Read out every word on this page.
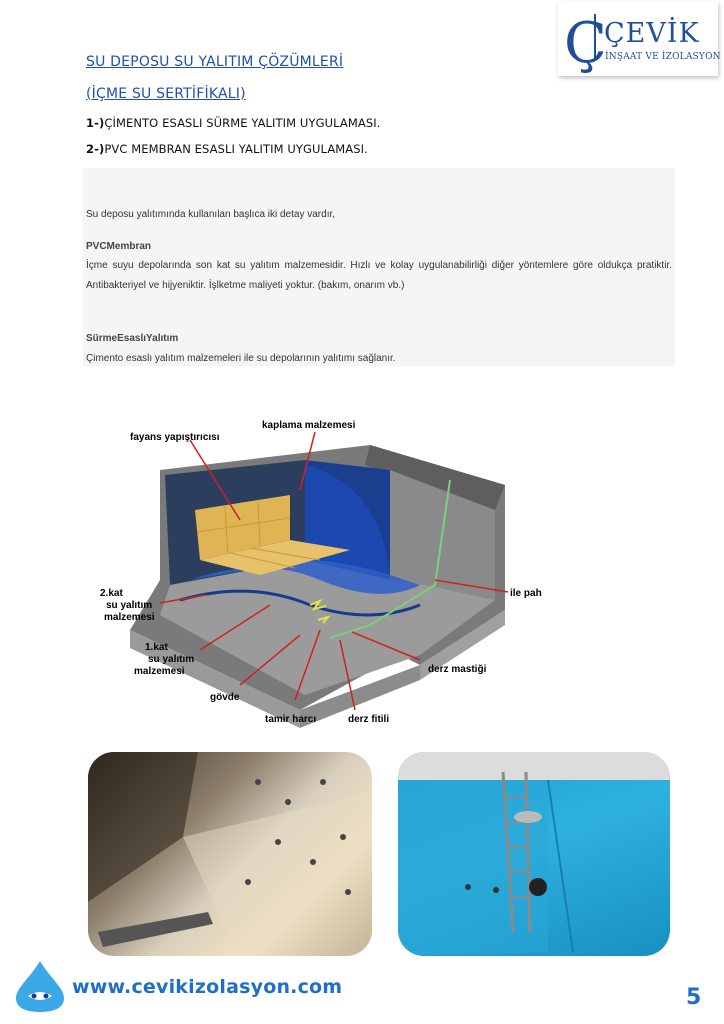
Ç
ÇEVİK
İNŞAAT VE İZOLASYON
SU DEPOSU SU YALITIM ÇÖZÜMLERİ
(İÇME SU SERTİFİKALI)
1-)ÇİMENTO ESASLI SÜRME YALITIM UYGULAMASI.
2-)PVC MEMBRAN ESASLI YALITIM UYGULAMASI.
Su deposu yalıtımında kullanılan başlıca iki detay vardır,
PVCMembran
İçme suyu depolarında son kat su yalıtım malzemesidir. Hızlı ve kolay uygulanabilirliği diğer yöntemlere göre oldukça pratiktir. Antibakteriyel ve hijyeniktir. İşlketme maliyeti yoktur. (bakım, onarım vb.)
SürmeEsaslıYalıtım
Çimento esaslı yalıtım malzemeleri ile su depolarının yalıtımı sağlanır.
kaplama malzemesi
fayans yapıştırıcısı
2.kat
su yalıtım
malzemesi
1.kat
su yalıtım
malzemesi
gövde
tamir harcı	derz fitili
derz mastiği
ile pah
www.cevikizolasyon.com	5
